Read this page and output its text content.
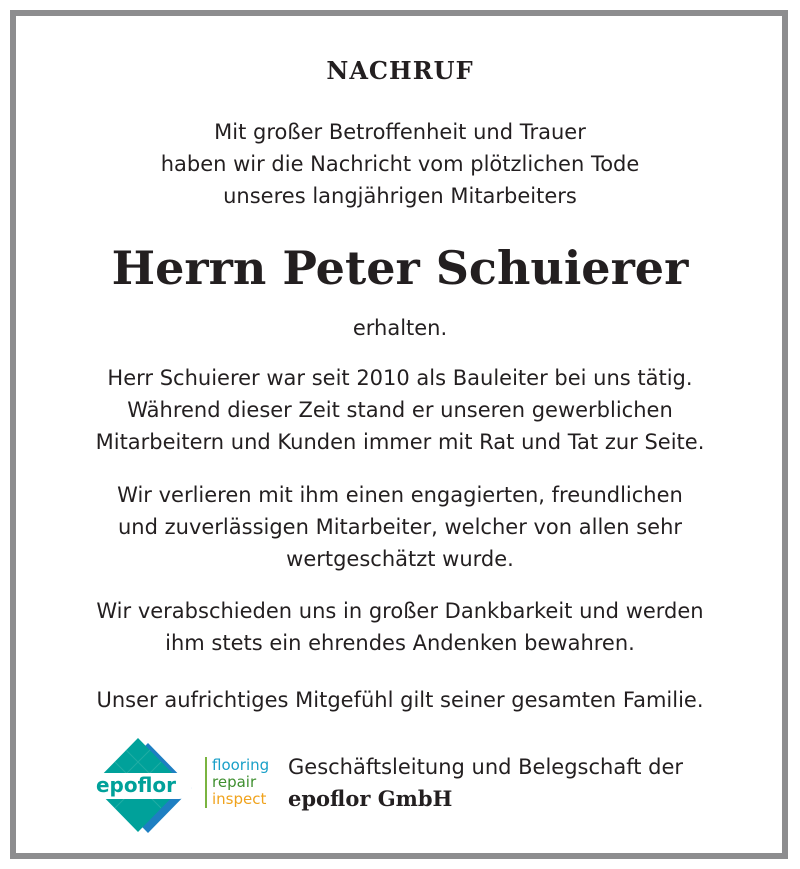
NACHRUF
Mit großer Betroffenheit und Trauer
haben wir die Nachricht vom plötzlichen Tode
unseres langjährigen Mitarbeiters
Herrn Peter Schuierer
erhalten.
Herr Schuierer war seit 2010 als Bauleiter bei uns tätig.
Während dieser Zeit stand er unseren gewerblichen
Mitarbeitern und Kunden immer mit Rat und Tat zur Seite.
Wir verlieren mit ihm einen engagierten, freundlichen
und zuverlässigen Mitarbeiter, welcher von allen sehr
wertgeschätzt wurde.
Wir verabschieden uns in großer Dankbarkeit und werden
ihm stets ein ehrendes Andenken bewahren.
Unser aufrichtiges Mitgefühl gilt seiner gesamten Familie.
epoflor
flooring
repair
inspect
Geschäftsleitung und Belegschaft der
epoflor GmbH
